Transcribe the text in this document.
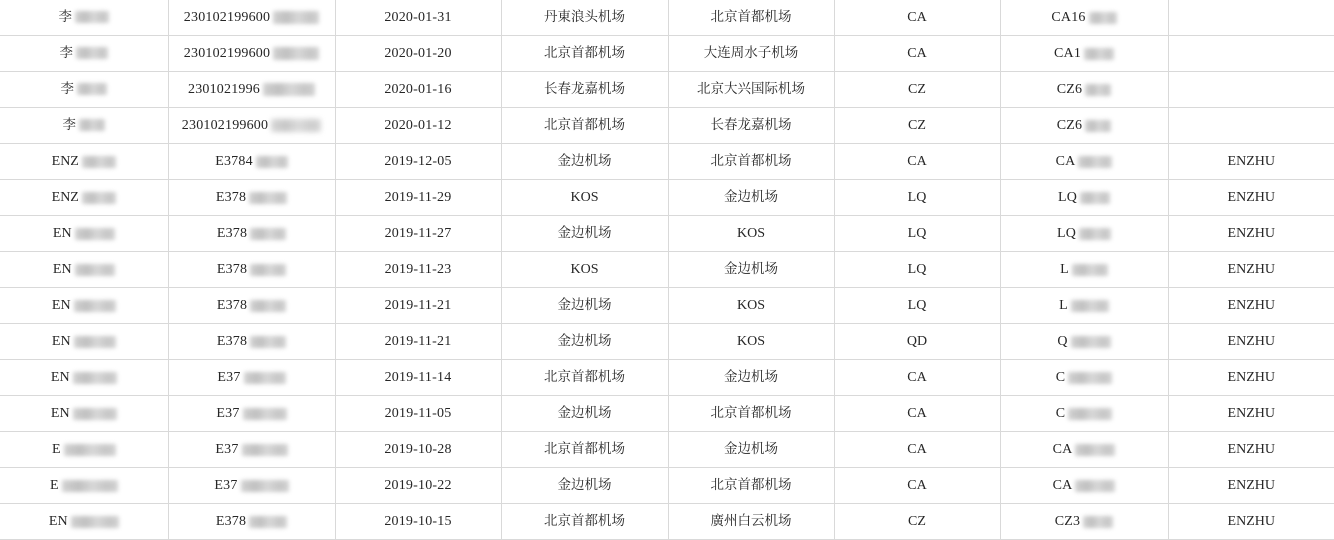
李	230102199600	2020-01-31	丹東浪头机场	北京首都机场	CA	CA16	

李	230102199600	2020-01-20	北京首都机场	大连周水子机场	CA	CA1	

李	2301021996	2020-01-16	长春龙嘉机场	北京大兴国际机场	CZ	CZ6	

李	230102199600	2020-01-12	北京首都机场	长春龙嘉机场	CZ	CZ6	

ENZ	E3784	2019-12-05	金边机场	北京首都机场	CA	CA	ENZHU

ENZ	E378	2019-11-29	KOS	金边机场	LQ	LQ	ENZHU

EN	E378	2019-11-27	金边机场	KOS	LQ	LQ	ENZHU

EN	E378	2019-11-23	KOS	金边机场	LQ	L	ENZHU

EN	E378	2019-11-21	金边机场	KOS	LQ	L	ENZHU

EN	E378	2019-11-21	金边机场	KOS	QD	Q	ENZHU

EN	E37	2019-11-14	北京首都机场	金边机场	CA	C	ENZHU

EN	E37	2019-11-05	金边机场	北京首都机场	CA	C	ENZHU

E	E37	2019-10-28	北京首都机场	金边机场	CA	CA	ENZHU

E	E37	2019-10-22	金边机场	北京首都机场	CA	CA	ENZHU

EN	E378	2019-10-15	北京首都机场	廣州白云机场	CZ	CZ3	ENZHU
